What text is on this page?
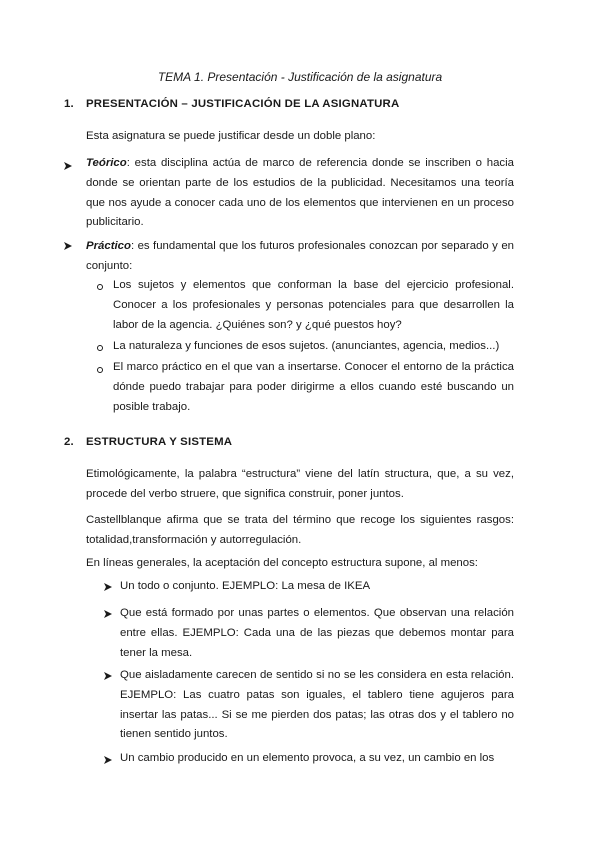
TEMA 1. Presentación - Justificación de la asignatura
1. PRESENTACIÓN – JUSTIFICACIÓN DE LA ASIGNATURA
Esta asignatura se puede justificar desde un doble plano:
Teórico: esta disciplina actúa de marco de referencia donde se inscriben o hacia donde se orientan parte de los estudios de la publicidad. Necesitamos una teoría que nos ayude a conocer cada uno de los elementos que intervienen en un proceso publicitario.
Práctico: es fundamental que los futuros profesionales conozcan por separado y en conjunto:
Los sujetos y elementos que conforman la base del ejercicio profesional. Conocer a los profesionales y personas potenciales para que desarrollen la labor de la agencia. ¿Quiénes son? y ¿qué puestos hoy?
La naturaleza y funciones de esos sujetos. (anunciantes, agencia, medios...)
El marco práctico en el que van a insertarse. Conocer el entorno de la práctica dónde puedo trabajar para poder dirigirme a ellos cuando esté buscando un posible trabajo.
2. ESTRUCTURA Y SISTEMA
Etimológicamente, la palabra “estructura” viene del latín structura, que, a su vez, procede del verbo struere, que significa construir, poner juntos.
Castellblanque afirma que se trata del término que recoge los siguientes rasgos: totalidad,transformación y autorregulación.
En líneas generales, la aceptación del concepto estructura supone, al menos:
Un todo o conjunto. EJEMPLO: La mesa de IKEA
Que está formado por unas partes o elementos. Que observan una relación entre ellas. EJEMPLO: Cada una de las piezas que debemos montar para tener la mesa.
Que aisladamente carecen de sentido si no se les considera en esta relación. EJEMPLO: Las cuatro patas son iguales, el tablero tiene agujeros para insertar las patas... Si se me pierden dos patas; las otras dos y el tablero no tienen sentido juntos.
Un cambio producido en un elemento provoca, a su vez, un cambio en los
